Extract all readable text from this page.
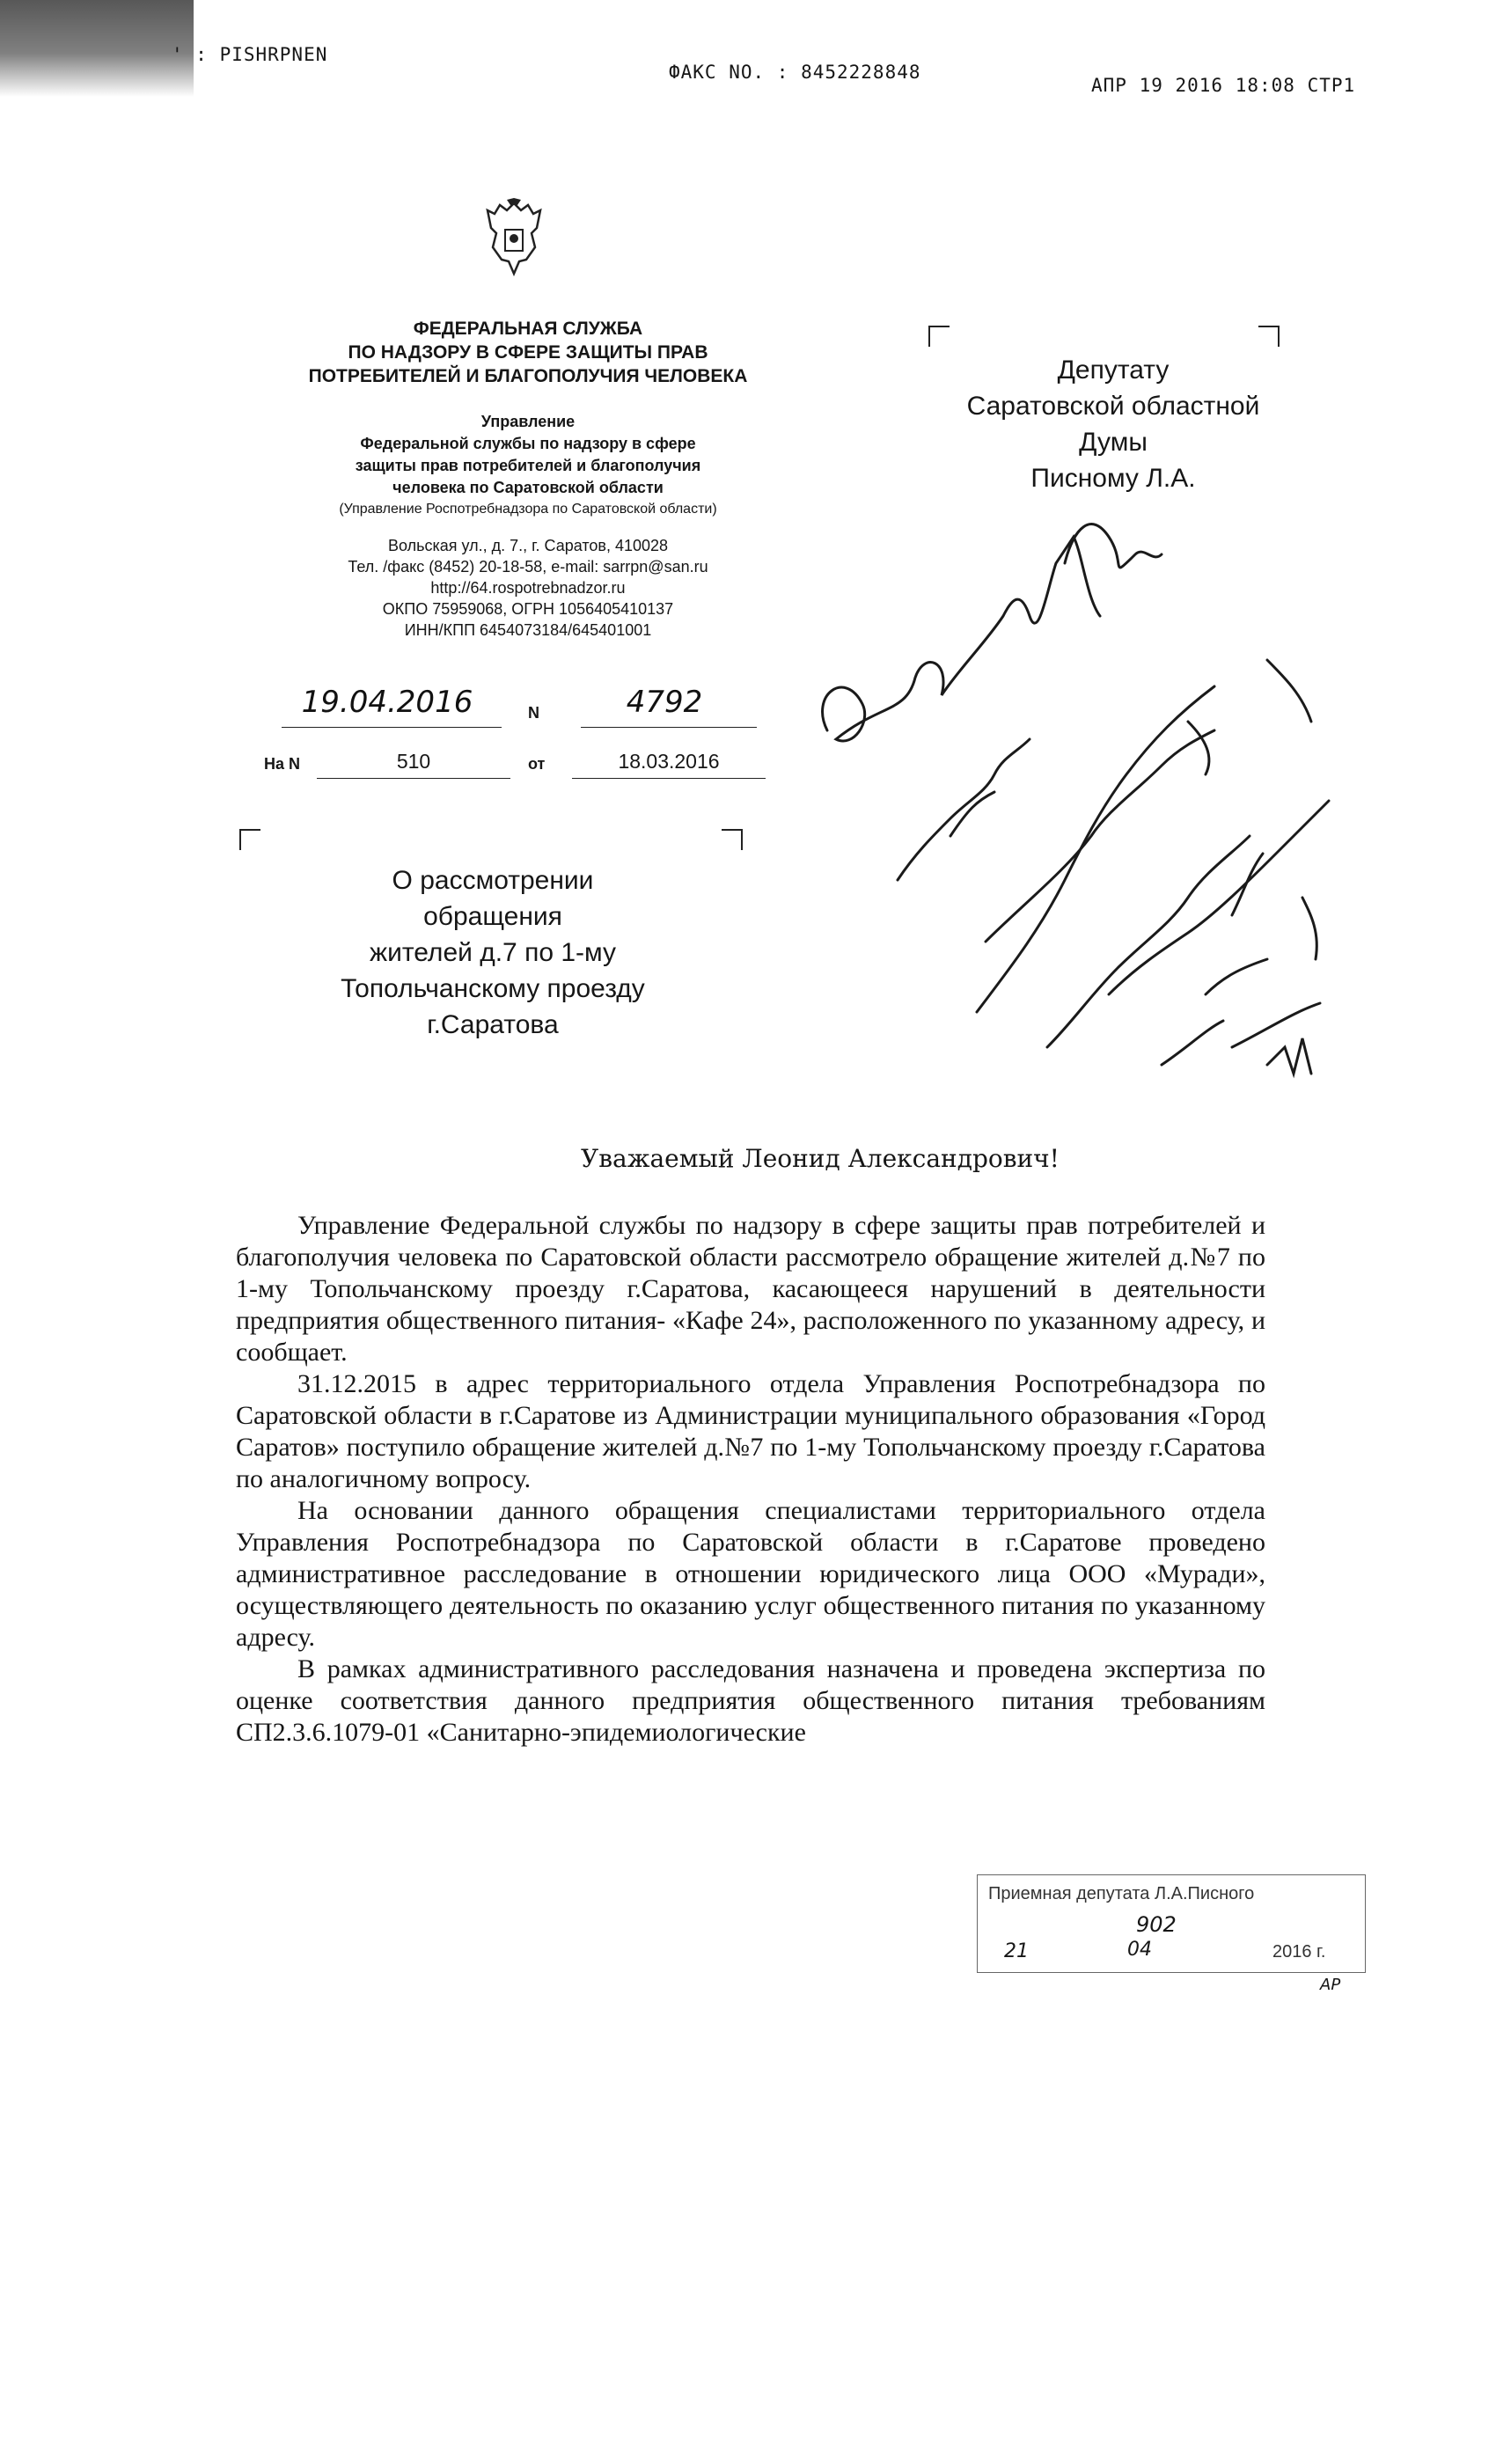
' : PISHRPNEN
ФАКС NO. : 8452228848
АПР 19 2016 18:08 СТР1
ФЕДЕРАЛЬНАЯ СЛУЖБА
ПО НАДЗОРУ В СФЕРЕ ЗАЩИТЫ ПРАВ
ПОТРЕБИТЕЛЕЙ И БЛАГОПОЛУЧИЯ ЧЕЛОВЕКА
Управление
Федеральной службы по надзору в сфере
защиты прав потребителей и благополучия
человека по Саратовской области
(Управление Роспотребнадзора по Саратовской области)
Вольская ул., д. 7., г. Саратов, 410028
Тел. /факс (8452) 20-18-58, e-mail: sarrpn@san.ru
http://64.rospotrebnadzor.ru
ОКПО 75959068, ОГРН 1056405410137
ИНН/КПП 6454073184/645401001
19.04.2016	N	4792
На N	510	от	18.03.2016
Депутату
Саратовской областной
Думы
Писному Л.А.
О рассмотрении
обращения
жителей д.7 по 1-му
Топольчанскому проезду
г.Саратова
Уважаемый Леонид Александрович!

Управление Федеральной службы по надзору в сфере защиты прав потребителей и благополучия человека по Саратовской области рассмотрело обращение жителей д.№7 по 1-му Топольчанскому проезду г.Саратова, касающееся нарушений в деятельности предприятия общественного питания- «Кафе 24», расположенного по указанному адресу, и сообщает.

31.12.2015 в адрес территориального отдела Управления Роспотребнадзора по Саратовской области в г.Саратове из Администрации муниципального образования «Город Саратов» поступило обращение жителей д.№7 по 1-му Топольчанскому проезду г.Саратова по аналогичному вопросу.

На основании данного обращения специалистами территориального отдела Управления Роспотребнадзора по Саратовской области в г.Саратове проведено административное расследование в отношении юридического лица ООО «Муради», осуществляющего деятельность по оказанию услуг общественного питания по указанному адресу.

В рамках административного расследования назначена и проведена экспертиза по оценке соответствия данного предприятия общественного питания требованиям СП2.3.6.1079-01 «Санитарно-эпидемиологические

Приемная депутата Л.А.Писного
902
21	04	2016 г.
АР
